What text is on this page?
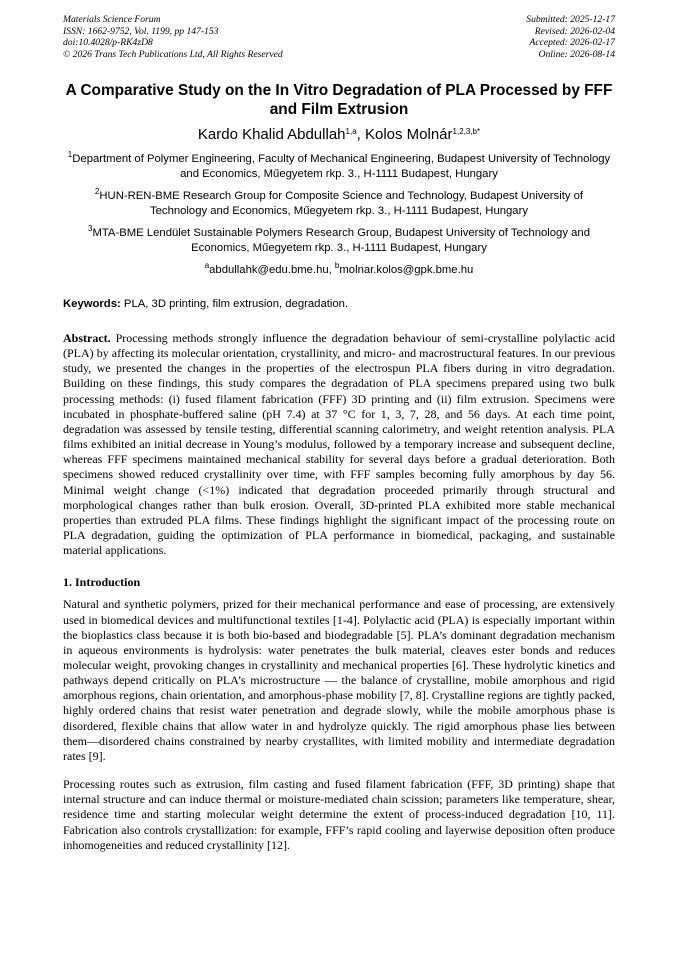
Materials Science Forum
ISSN: 1662-9752, Vol. 1199, pp 147-153
doi:10.4028/p-RK4zD8
© 2026 Trans Tech Publications Ltd, All Rights Reserved
Submitted: 2025-12-17
Revised: 2026-02-04
Accepted: 2026-02-17
Online: 2026-08-14
A Comparative Study on the In Vitro Degradation of PLA Processed by FFF and Film Extrusion
Kardo Khalid Abdullah$^{1,a}$, Kolos Molnár$^{1,2,3,b*}$
$^1$Department of Polymer Engineering, Faculty of Mechanical Engineering, Budapest University of Technology and Economics, Műegyetem rkp. 3., H-1111 Budapest, Hungary
$^2$HUN-REN-BME Research Group for Composite Science and Technology, Budapest University of Technology and Economics, Műegyetem rkp. 3., H-1111 Budapest, Hungary
$^3$MTA-BME Lendület Sustainable Polymers Research Group, Budapest University of Technology and Economics, Műegyetem rkp. 3., H-1111 Budapest, Hungary
$^a$abdullahk@edu.bme.hu, $^b$molnar.kolos@gpk.bme.hu
Keywords: PLA, 3D printing, film extrusion, degradation.
Abstract. Processing methods strongly influence the degradation behaviour of semi-crystalline polylactic acid (PLA) by affecting its molecular orientation, crystallinity, and micro- and macrostructural features. In our previous study, we presented the changes in the properties of the electrospun PLA fibers during in vitro degradation. Building on these findings, this study compares the degradation of PLA specimens prepared using two bulk processing methods: (i) fused filament fabrication (FFF) 3D printing and (ii) film extrusion. Specimens were incubated in phosphate-buffered saline (pH 7.4) at 37 °C for 1, 3, 7, 28, and 56 days. At each time point, degradation was assessed by tensile testing, differential scanning calorimetry, and weight retention analysis. PLA films exhibited an initial decrease in Young’s modulus, followed by a temporary increase and subsequent decline, whereas FFF specimens maintained mechanical stability for several days before a gradual deterioration. Both specimens showed reduced crystallinity over time, with FFF samples becoming fully amorphous by day 56. Minimal weight change (<1%) indicated that degradation proceeded primarily through structural and morphological changes rather than bulk erosion. Overall, 3D-printed PLA exhibited more stable mechanical properties than extruded PLA films. These findings highlight the significant impact of the processing route on PLA degradation, guiding the optimization of PLA performance in biomedical, packaging, and sustainable material applications.
1. Introduction
Natural and synthetic polymers, prized for their mechanical performance and ease of processing, are extensively used in biomedical devices and multifunctional textiles [1-4]. Polylactic acid (PLA) is especially important within the bioplastics class because it is both bio-based and biodegradable [5]. PLA’s dominant degradation mechanism in aqueous environments is hydrolysis: water penetrates the bulk material, cleaves ester bonds and reduces molecular weight, provoking changes in crystallinity and mechanical properties [6]. These hydrolytic kinetics and pathways depend critically on PLA’s microstructure — the balance of crystalline, mobile amorphous and rigid amorphous regions, chain orientation, and amorphous-phase mobility [7, 8]. Crystalline regions are tightly packed, highly ordered chains that resist water penetration and degrade slowly, while the mobile amorphous phase is disordered, flexible chains that allow water in and hydrolyze quickly. The rigid amorphous phase lies between them—disordered chains constrained by nearby crystallites, with limited mobility and intermediate degradation rates [9].
Processing routes such as extrusion, film casting and fused filament fabrication (FFF, 3D printing) shape that internal structure and can induce thermal or moisture-mediated chain scission; parameters like temperature, shear, residence time and starting molecular weight determine the extent of process-induced degradation [10, 11]. Fabrication also controls crystallization: for example, FFF’s rapid cooling and layerwise deposition often produce inhomogeneities and reduced crystallinity [12].
